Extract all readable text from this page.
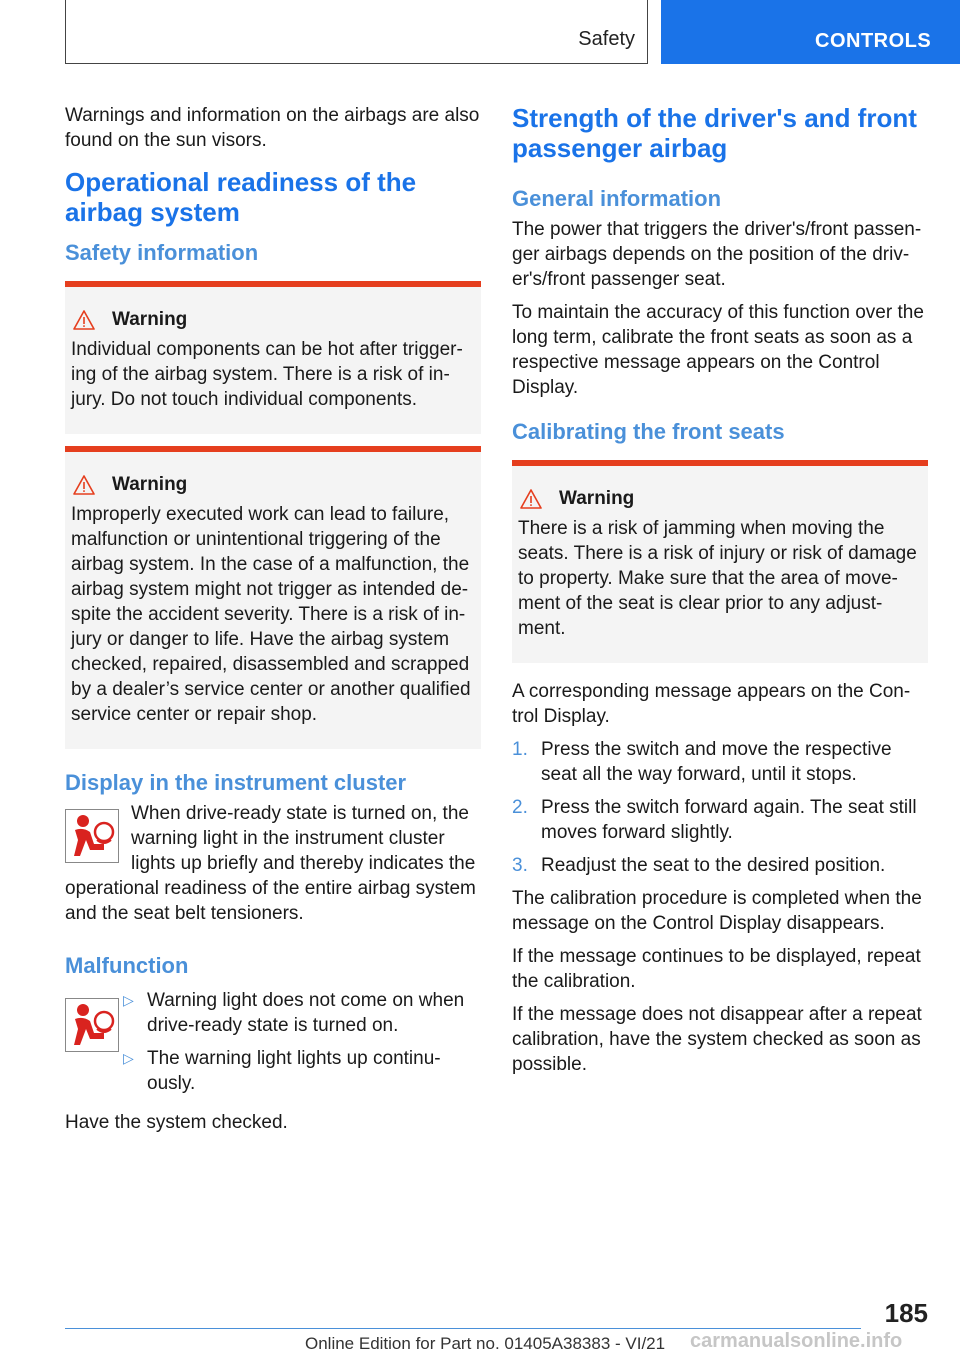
Safety	CONTROLS

Warnings and information on the airbags are also found on the sun visors.

Operational readiness of the airbag system
Safety information
Warning

Individual components can be hot after triggering of the airbag system. There is a risk of injury. Do not touch individual components.

Warning

Improperly executed work can lead to failure, malfunction or unintentional triggering of the airbag system. In the case of a malfunction, the airbag system might not trigger as intended despite the accident severity. There is a risk of injury or danger to life. Have the airbag system checked, repaired, disassembled and scrapped by a dealer’s service center or another qualified service center or repair shop.

Display in the instrument cluster

When drive-ready state is turned on, the warning light in the instrument cluster lights up briefly and thereby indicates the operational readiness of the entire airbag system and the seat belt tensioners.

Malfunction
▷ Warning light does not come on when drive-ready state is turned on.
▷ The warning light lights up continuously.

Have the system checked.

Strength of the driver's and front passenger airbag
General information

The power that triggers the driver's/front passenger airbags depends on the position of the driver's/front passenger seat.

To maintain the accuracy of this function over the long term, calibrate the front seats as soon as a respective message appears on the Control Display.

Calibrating the front seats
Warning

There is a risk of jamming when moving the seats. There is a risk of injury or risk of damage to property. Make sure that the area of movement of the seat is clear prior to any adjustment.

A corresponding message appears on the Control Display.

1. Press the switch and move the respective seat all the way forward, until it stops.
2. Press the switch forward again. The seat still moves forward slightly.
3. Readjust the seat to the desired position.

The calibration procedure is completed when the message on the Control Display disappears.

If the message continues to be displayed, repeat the calibration.

If the message does not disappear after a repeat calibration, have the system checked as soon as possible.

185
Online Edition for Part no. 01405A38383 - VI/21 carmanualsonline.info
